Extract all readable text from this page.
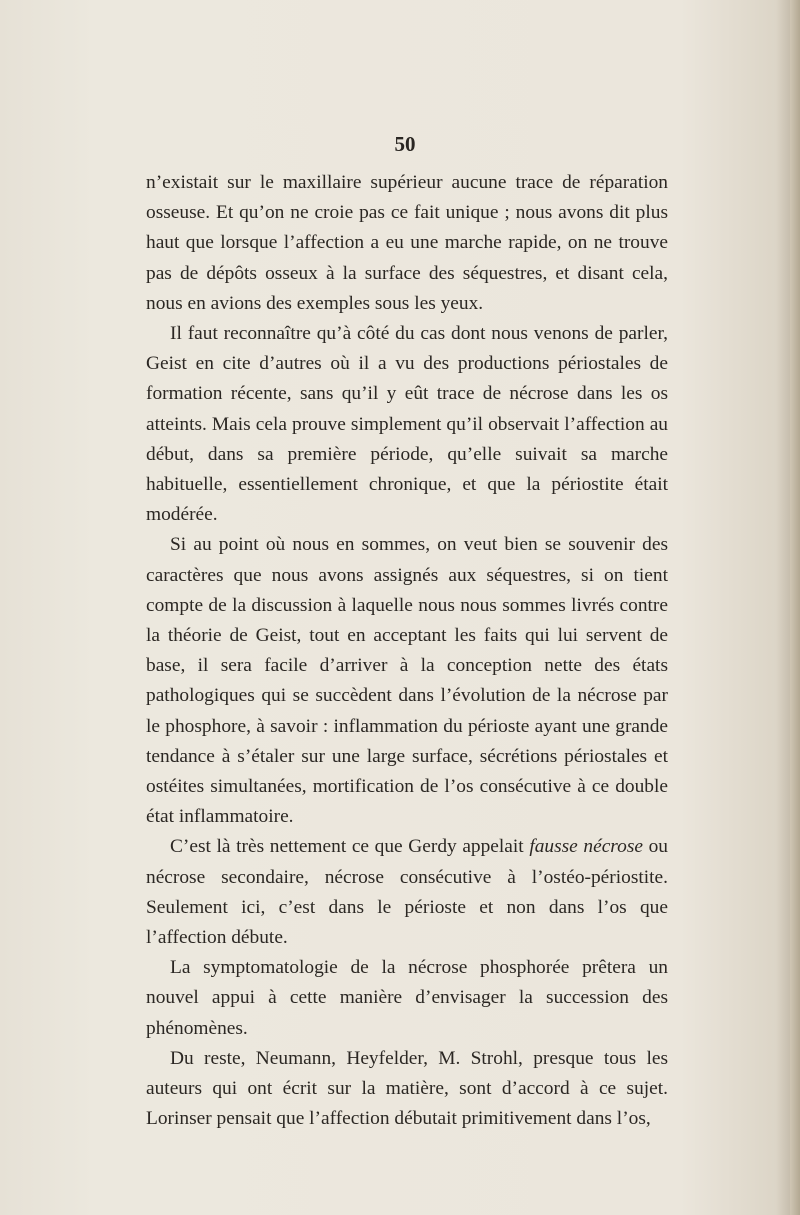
50

n’existait sur le maxillaire supérieur aucune trace de réparation osseuse. Et qu’on ne croie pas ce fait unique ; nous avons dit plus haut que lorsque l’affection a eu une marche rapide, on ne trouve pas de dépôts osseux à la surface des séquestres, et disant cela, nous en avions des exemples sous les yeux.

Il faut reconnaître qu’à côté du cas dont nous venons de parler, Geist en cite d’autres où il a vu des productions périostales de formation récente, sans qu’il y eût trace de nécrose dans les os atteints. Mais cela prouve simplement qu’il observait l’affection au début, dans sa première période, qu’elle suivait sa marche habituelle, essentiellement chronique, et que la périostite était modérée.

Si au point où nous en sommes, on veut bien se souvenir des caractères que nous avons assignés aux séquestres, si on tient compte de la discussion à laquelle nous nous sommes livrés contre la théorie de Geist, tout en acceptant les faits qui lui servent de base, il sera facile d’arriver à la conception nette des états pathologiques qui se succèdent dans l’évolution de la nécrose par le phosphore, à savoir : inflammation du périoste ayant une grande tendance à s’étaler sur une large surface, sécrétions périostales et ostéites simultanées, mortification de l’os consécutive à ce double état inflammatoire.

C’est là très nettement ce que Gerdy appelait fausse nécrose ou nécrose secondaire, nécrose consécutive à l’ostéo-périostite. Seulement ici, c’est dans le périoste et non dans l’os que l’affection débute.

La symptomatologie de la nécrose phosphorée prêtera un nouvel appui à cette manière d’envisager la succession des phénomènes.

Du reste, Neumann, Heyfelder, M. Strohl, presque tous les auteurs qui ont écrit sur la matière, sont d’accord à ce sujet. Lorinser pensait que l’affection débutait primitivement dans l’os,
